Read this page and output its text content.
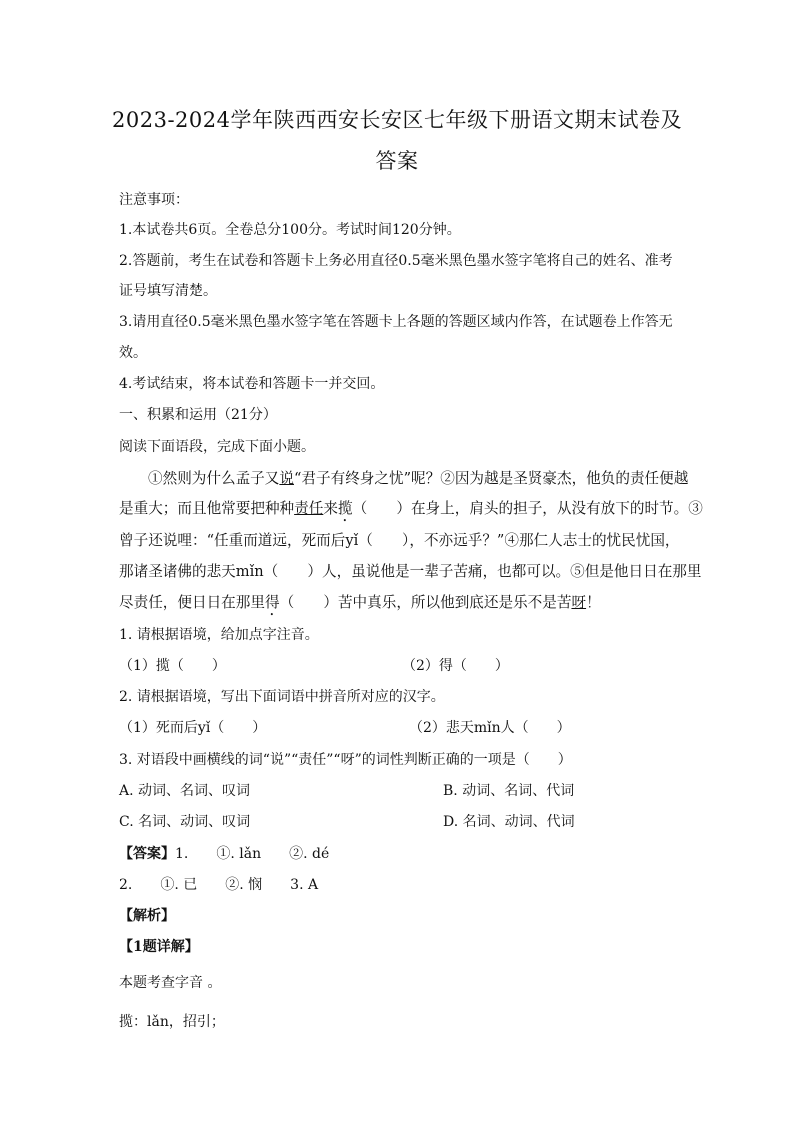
2023-2024学年陕西西安长安区七年级下册语文期末试卷及
答案
注意事项：
1.本试卷共6页。全卷总分100分。考试时间120分钟。
2.答题前，考生在试卷和答题卡上务必用直径0.5毫米黑色墨水签字笔将自己的姓名、准考
证号填写清楚。
3.请用直径0.5毫米黑色墨水签字笔在答题卡上各题的答题区域内作答，在试题卷上作答无
效。
4.考试结束，将本试卷和答题卡一并交回。
一、积累和运用（21分）
阅读下面语段，完成下面小题。
①然则为什么孟子又说“君子有终身之忧”呢？②因为越是圣贤豪杰，他负的责任便越
是重大；而且他常要把种种责任来揽（　　）在身上，肩头的担子，从没有放下的时节。③
曾子还说哩：“任重而道远，死而后yǐ（　　），不亦远乎？”④那仁人志士的忧民忧国，
那诸圣诸佛的悲天mǐn（　　）人，虽说他是一辈子苦痛，也都可以。⑤但是他日日在那里
尽责任，便日日在那里得（　　）苦中真乐，所以他到底还是乐不是苦呀！
1. 请根据语境，给加点字注音。
（1）揽（　　）	（2）得（　　）
2. 请根据语境，写出下面词语中拼音所对应的汉字。
（1）死而后yǐ（　　）	（2）悲天mǐn人（　　）
3. 对语段中画横线的词“说”“责任”“呀”的词性判断正确的一项是（　　）
A. 动词、名词、叹词	B. 动词、名词、代词
C. 名词、动词、叹词	D. 名词、动词、代词
【答案】1.　　①. lǎn　　②. dé
2.　　①. 已　　②. 悯　　3. A
【解析】
【1题详解】
本题考查字音 。
揽：lǎn，招引；
